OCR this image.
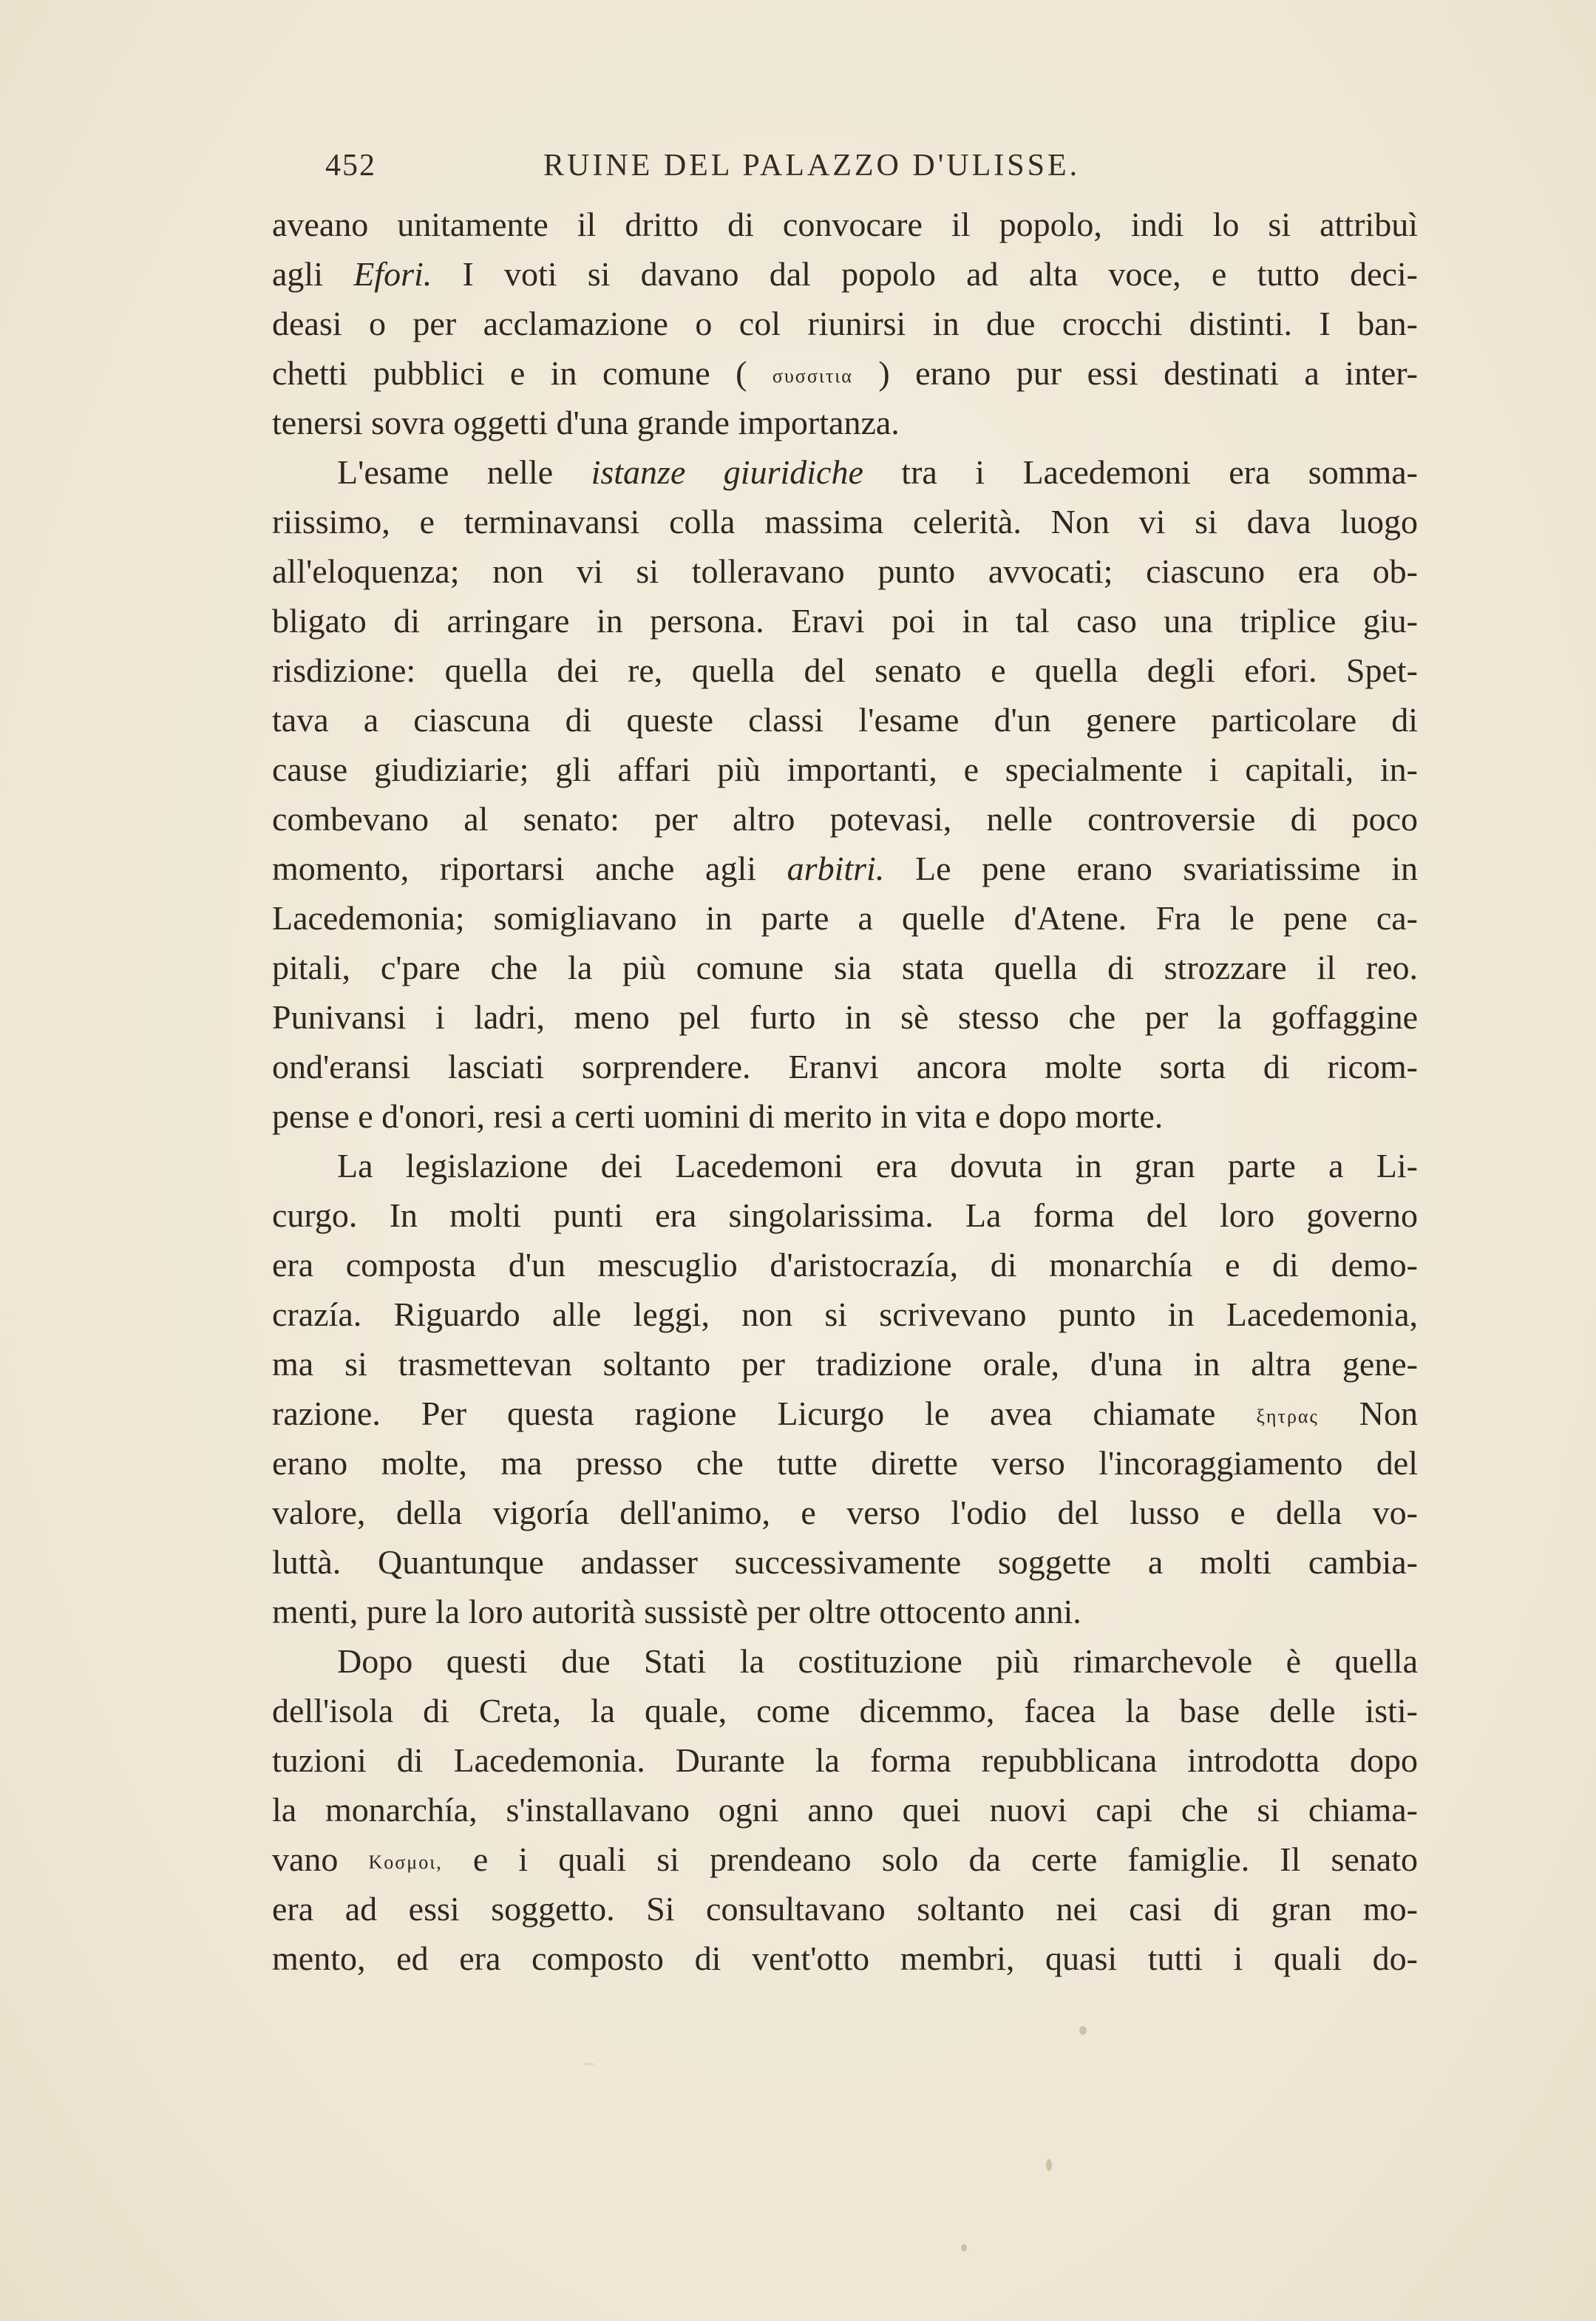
452	RUINE DEL PALAZZO D'ULISSE.
aveano unitamente il dritto di convocare il popolo, indi lo si attribuì
agli Efori. I voti si davano dal popolo ad alta voce, e tutto deci-
deasi o per acclamazione o col riunirsi in due crocchi distinti. I ban-
chetti pubblici e in comune ( συσσιτια ) erano pur essi destinati a inter-
tenersi sovra oggetti d'una grande importanza.
L'esame nelle istanze giuridiche tra i Lacedemoni era somma-
riissimo, e terminavansi colla massima celerità. Non vi si dava luogo
all'eloquenza; non vi si tolleravano punto avvocati; ciascuno era ob-
bligato di arringare in persona. Eravi poi in tal caso una triplice giu-
risdizione: quella dei re, quella del senato e quella degli efori. Spet-
tava a ciascuna di queste classi l'esame d'un genere particolare di
cause giudiziarie; gli affari più importanti, e specialmente i capitali, in-
combevano al senato: per altro potevasi, nelle controversie di poco
momento, riportarsi anche agli arbitri. Le pene erano svariatissime in
Lacedemonia; somigliavano in parte a quelle d'Atene. Fra le pene ca-
pitali, c'pare che la più comune sia stata quella di strozzare il reo.
Punivansi i ladri, meno pel furto in sè stesso che per la goffaggine
ond'eransi lasciati sorprendere. Eranvi ancora molte sorta di ricom-
pense e d'onori, resi a certi uomini di merito in vita e dopo morte.
La legislazione dei Lacedemoni era dovuta in gran parte a Li-
curgo. In molti punti era singolarissima. La forma del loro governo
era composta d'un mescuglio d'aristocrazía, di monarchía e di demo-
crazía. Riguardo alle leggi, non si scrivevano punto in Lacedemonia,
ma si trasmettevan soltanto per tradizione orale, d'una in altra gene-
razione. Per questa ragione Licurgo le avea chiamate ξητρας Non
erano molte, ma presso che tutte dirette verso l'incoraggiamento del
valore, della vigoría dell'animo, e verso l'odio del lusso e della vo-
luttà. Quantunque andasser successivamente soggette a molti cambia-
menti, pure la loro autorità sussistè per oltre ottocento anni.
Dopo questi due Stati la costituzione più rimarchevole è quella
dell'isola di Creta, la quale, come dicemmo, facea la base delle isti-
tuzioni di Lacedemonia. Durante la forma repubblicana introdotta dopo
la monarchía, s'installavano ogni anno quei nuovi capi che si chiama-
vano Κοσμοι, e i quali si prendeano solo da certe famiglie. Il senato
era ad essi soggetto. Si consultavano soltanto nei casi di gran mo-
mento, ed era composto di vent'otto membri, quasi tutti i quali do-
